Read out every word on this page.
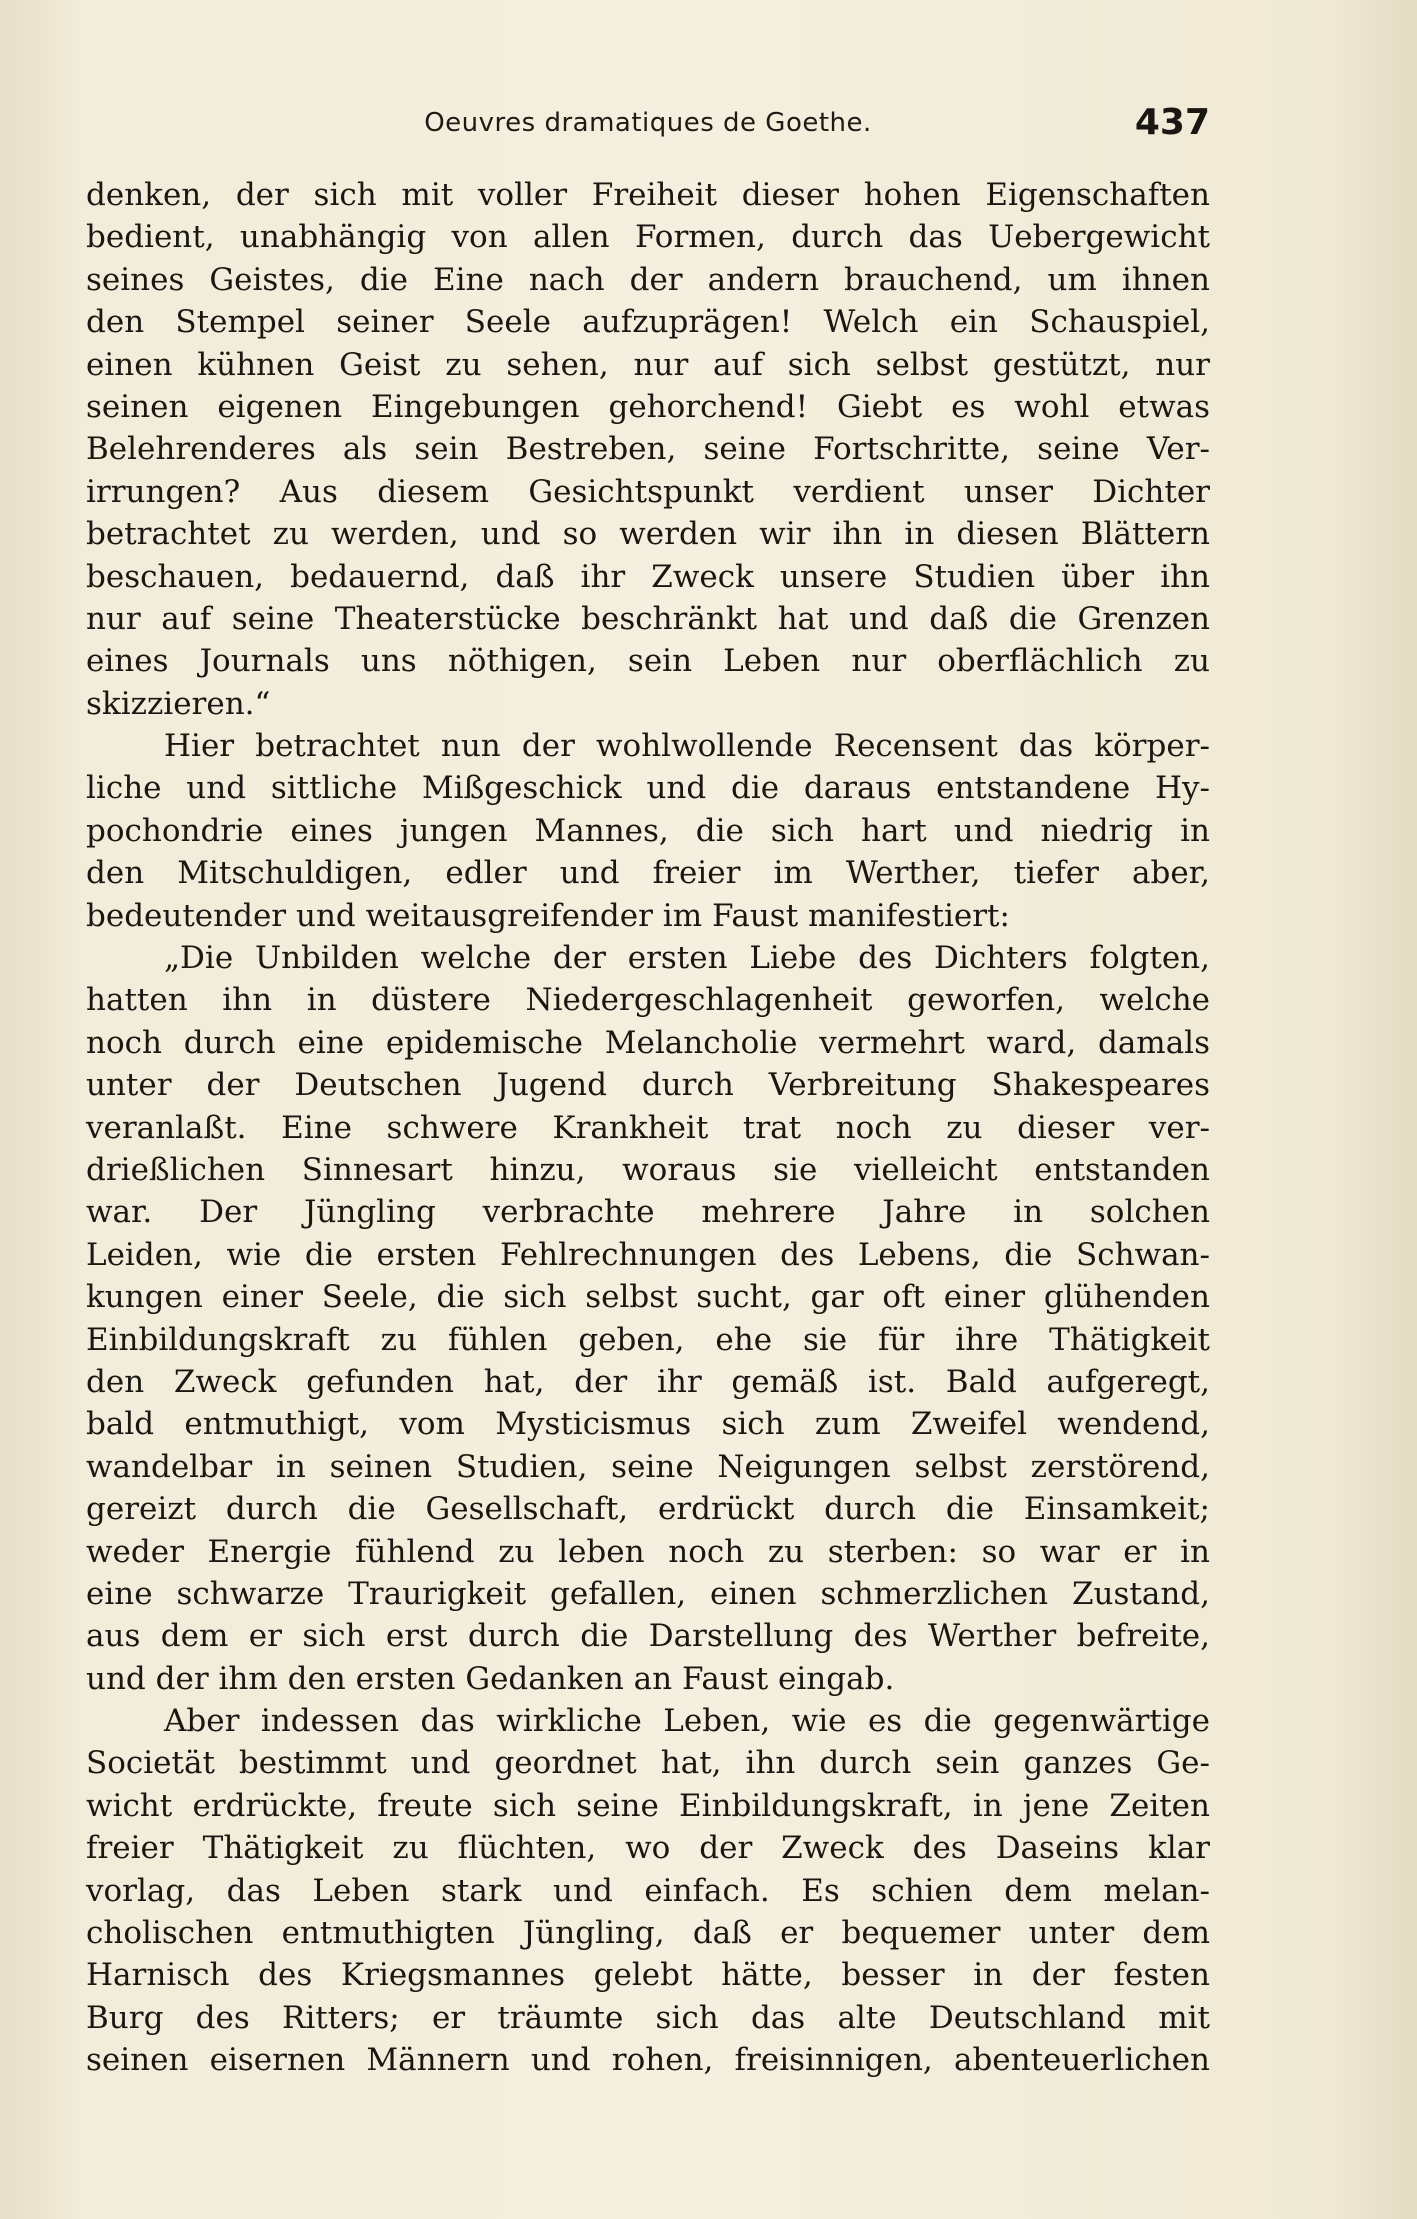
Oeuvres dramatiques de Goethe.	437
denken, der sich mit voller Freiheit dieser hohen Eigenschaften
bedient, unabhängig von allen Formen, durch das Uebergewicht
seines Geistes, die Eine nach der andern brauchend, um ihnen
den Stempel seiner Seele aufzuprägen! Welch ein Schauspiel,
einen kühnen Geist zu sehen, nur auf sich selbst gestützt, nur
seinen eigenen Eingebungen gehorchend! Giebt es wohl etwas
Belehrenderes als sein Bestreben, seine Fortschritte, seine Ver-
irrungen? Aus diesem Gesichtspunkt verdient unser Dichter
betrachtet zu werden, und so werden wir ihn in diesen Blättern
beschauen, bedauernd, daß ihr Zweck unsere Studien über ihn
nur auf seine Theaterstücke beschränkt hat und daß die Grenzen
eines Journals uns nöthigen, sein Leben nur oberflächlich zu
skizzieren.“
Hier betrachtet nun der wohlwollende Recensent das körper-
liche und sittliche Mißgeschick und die daraus entstandene Hy-
pochondrie eines jungen Mannes, die sich hart und niedrig in
den Mitschuldigen, edler und freier im Werther, tiefer aber,
bedeutender und weitausgreifender im Faust manifestiert:
„Die Unbilden welche der ersten Liebe des Dichters folgten,
hatten ihn in düstere Niedergeschlagenheit geworfen, welche
noch durch eine epidemische Melancholie vermehrt ward, damals
unter der Deutschen Jugend durch Verbreitung Shakespeares
veranlaßt. Eine schwere Krankheit trat noch zu dieser ver-
drießlichen Sinnesart hinzu, woraus sie vielleicht entstanden
war. Der Jüngling verbrachte mehrere Jahre in solchen
Leiden, wie die ersten Fehlrechnungen des Lebens, die Schwan-
kungen einer Seele, die sich selbst sucht, gar oft einer glühenden
Einbildungskraft zu fühlen geben, ehe sie für ihre Thätigkeit
den Zweck gefunden hat, der ihr gemäß ist. Bald aufgeregt,
bald entmuthigt, vom Mysticismus sich zum Zweifel wendend,
wandelbar in seinen Studien, seine Neigungen selbst zerstörend,
gereizt durch die Gesellschaft, erdrückt durch die Einsamkeit;
weder Energie fühlend zu leben noch zu sterben: so war er in
eine schwarze Traurigkeit gefallen, einen schmerzlichen Zustand,
aus dem er sich erst durch die Darstellung des Werther befreite,
und der ihm den ersten Gedanken an Faust eingab.
Aber indessen das wirkliche Leben, wie es die gegenwärtige
Societät bestimmt und geordnet hat, ihn durch sein ganzes Ge-
wicht erdrückte, freute sich seine Einbildungskraft, in jene Zeiten
freier Thätigkeit zu flüchten, wo der Zweck des Daseins klar
vorlag, das Leben stark und einfach. Es schien dem melan-
cholischen entmuthigten Jüngling, daß er bequemer unter dem
Harnisch des Kriegsmannes gelebt hätte, besser in der festen
Burg des Ritters; er träumte sich das alte Deutschland mit
seinen eisernen Männern und rohen, freisinnigen, abenteuerlichen
